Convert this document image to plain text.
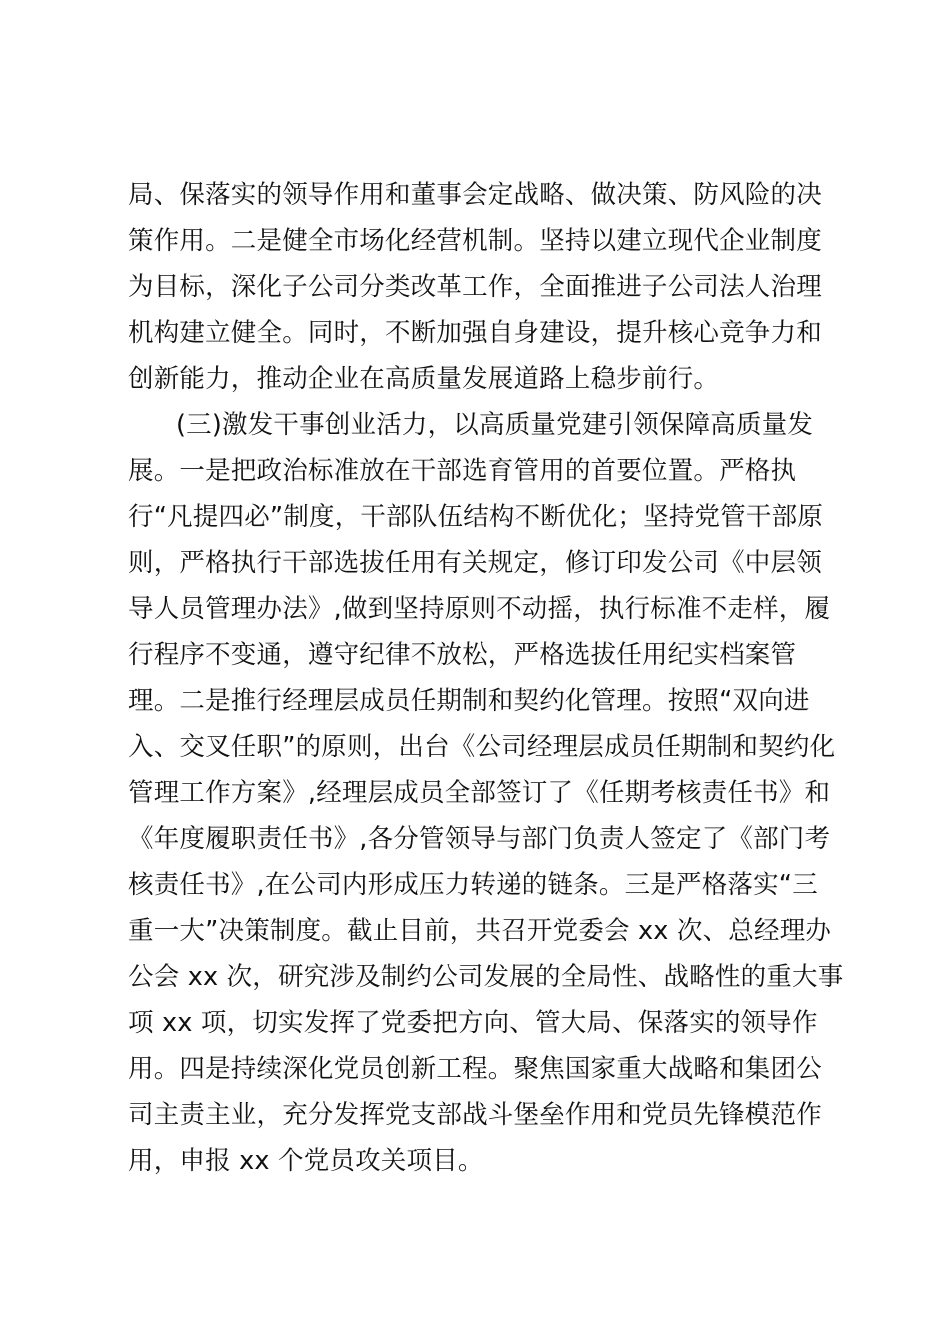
局、保落实的领导作用和董事会定战略、做决策、防风险的决
策作用。二是健全市场化经营机制。坚持以建立现代企业制度
为目标，深化子公司分类改革工作，全面推进子公司法人治理
机构建立健全。同时，不断加强自身建设，提升核心竞争力和
创新能力，推动企业在高质量发展道路上稳步前行。
(三)激发干事创业活力，以高质量党建引领保障高质量发
展。一是把政治标准放在干部选育管用的首要位置。严格执
行“凡提四必”制度，干部队伍结构不断优化；坚持党管干部原
则，严格执行干部选拔任用有关规定，修订印发公司《中层领
导人员管理办法》,做到坚持原则不动摇，执行标准不走样，履
行程序不变通，遵守纪律不放松，严格选拔任用纪实档案管
理。二是推行经理层成员任期制和契约化管理。按照“双向进
入、交叉任职”的原则，出台《公司经理层成员任期制和契约化
管理工作方案》,经理层成员全部签订了《任期考核责任书》和
《年度履职责任书》,各分管领导与部门负责人签定了《部门考
核责任书》,在公司内形成压力转递的链条。三是严格落实“三
重一大”决策制度。截止目前，共召开党委会 xx 次、总经理办
公会 xx 次，研究涉及制约公司发展的全局性、战略性的重大事
项 xx 项，切实发挥了党委把方向、管大局、保落实的领导作
用。四是持续深化党员创新工程。聚焦国家重大战略和集团公
司主责主业，充分发挥党支部战斗堡垒作用和党员先锋模范作
用，申报 xx 个党员攻关项目。
